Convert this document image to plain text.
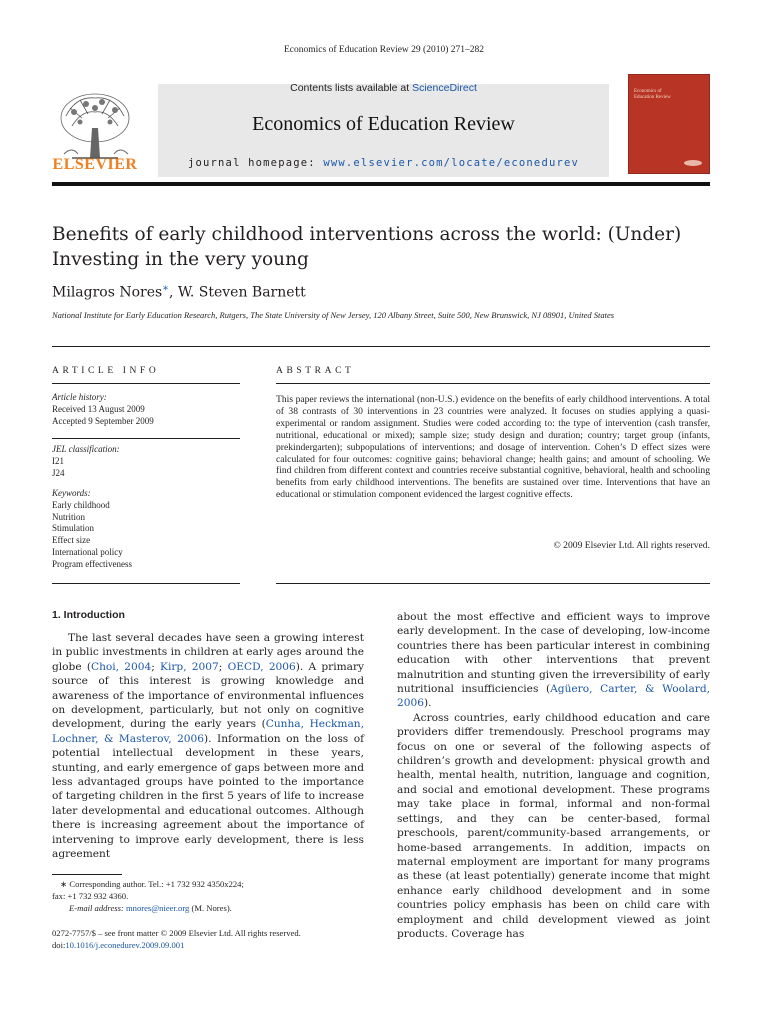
Economics of Education Review 29 (2010) 271–282
Contents lists available at ScienceDirect
Economics of Education Review
journal homepage: www.elsevier.com/locate/econedurev
ELSEVIER
Economics of
Education Review
Benefits of early childhood interventions across the world: (Under) Investing in the very young
Milagros Nores∗, W. Steven Barnett
National Institute for Early Education Research, Rutgers, The State University of New Jersey, 120 Albany Street, Suite 500, New Brunswick, NJ 08901, United States
ARTICLE INFO	ABSTRACT
Article history:
Received 13 August 2009
Accepted 9 September 2009
JEL classification:
I21
J24
Keywords:
Early childhood
Nutrition
Stimulation
Effect size
International policy
Program effectiveness
This paper reviews the international (non-U.S.) evidence on the benefits of early childhood interventions. A total of 38 contrasts of 30 interventions in 23 countries were analyzed. It focuses on studies applying a quasi-experimental or random assignment. Studies were coded according to: the type of intervention (cash transfer, nutritional, educational or mixed); sample size; study design and duration; country; target group (infants, prekindergarten); subpopulations of interventions; and dosage of intervention. Cohen’s D effect sizes were calculated for four outcomes: cognitive gains; behavioral change; health gains; and amount of schooling. We find children from different context and countries receive substantial cognitive, behavioral, health and schooling benefits from early childhood interventions. The benefits are sustained over time. Interventions that have an educational or stimulation component evidenced the largest cognitive effects.
© 2009 Elsevier Ltd. All rights reserved.
1. Introduction

The last several decades have seen a growing interest in public investments in children at early ages around the globe (Choi, 2004; Kirp, 2007; OECD, 2006). A primary source of this interest is growing knowledge and awareness of the importance of environmental influences on development, particularly, but not only on cognitive development, during the early years (Cunha, Heckman, Lochner, & Masterov, 2006). Information on the loss of potential intellectual development in these years, stunting, and early emergence of gaps between more and less advantaged groups have pointed to the importance of targeting children in the first 5 years of life to increase later developmental and educational outcomes. Although there is increasing agreement about the importance of intervening to improve early development, there is less agreement

about the most effective and efficient ways to improve early development. In the case of developing, low-income countries there has been particular interest in combining education with other interventions that prevent malnutrition and stunting given the irreversibility of early nutritional insufficiencies (Agüero, Carter, & Woolard, 2006).

Across countries, early childhood education and care providers differ tremendously. Preschool programs may focus on one or several of the following aspects of children’s growth and development: physical growth and health, mental health, nutrition, language and cognition, and social and emotional development. These programs may take place in formal, informal and non-formal settings, and they can be center-based, formal preschools, parent/community-based arrangements, or home-based arrangements. In addition, impacts on maternal employment are important for many programs as these (at least potentially) generate income that might enhance early childhood development and in some countries policy emphasis has been on child care with employment and child development viewed as joint products. Coverage has

∗ Corresponding author. Tel.: +1 732 932 4350x224;
fax: +1 732 932 4360.
E-mail address: mnores@nieer.org (M. Nores).
0272-7757/$ – see front matter © 2009 Elsevier Ltd. All rights reserved.
doi:10.1016/j.econedurev.2009.09.001
